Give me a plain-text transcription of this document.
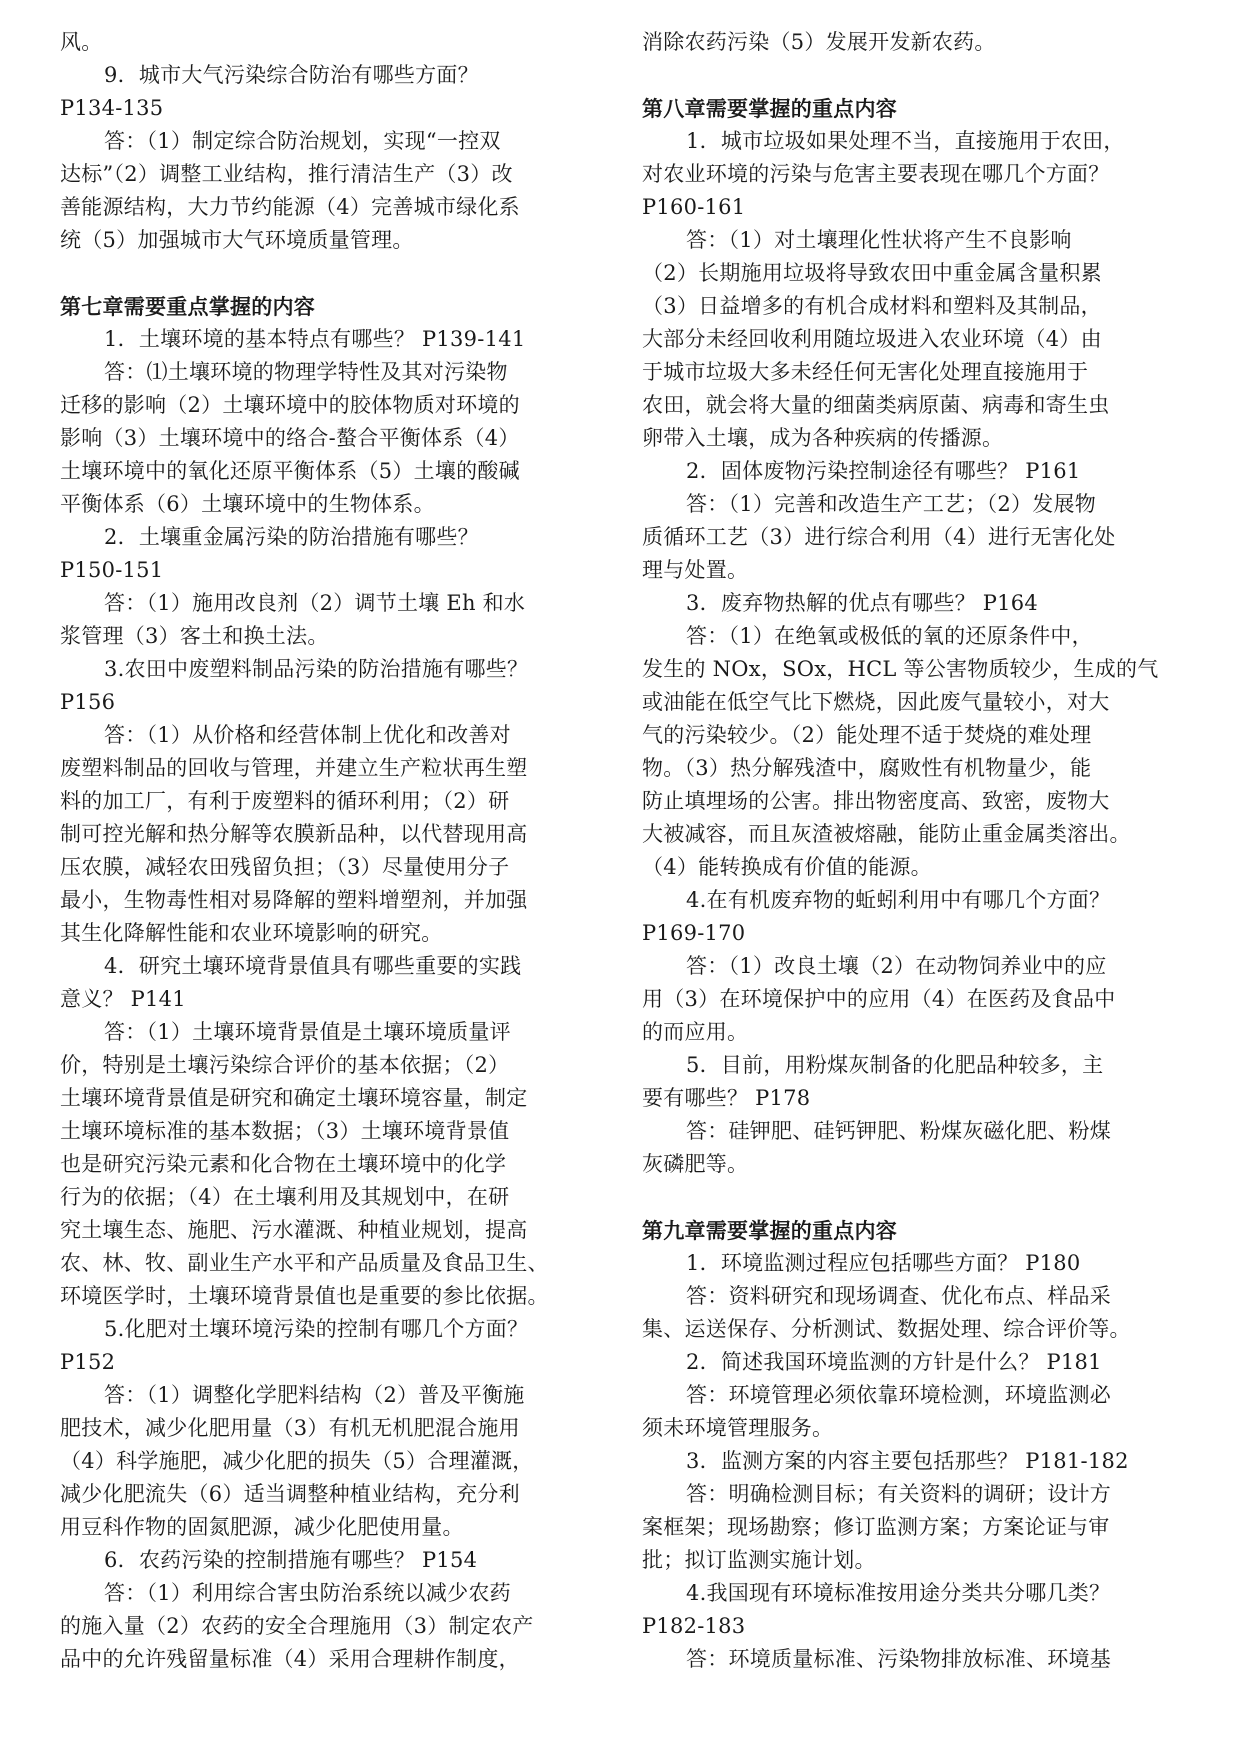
风。
9．城市大气污染综合防治有哪些方面？
P134-135
答：（1）制定综合防治规划，实现“一控双
达标”（2）调整工业结构，推行清洁生产（3）改
善能源结构，大力节约能源（4）完善城市绿化系
统（5）加强城市大气环境质量管理。
第七章需要重点掌握的内容
1．土壤环境的基本特点有哪些？ P139-141
答：⑴土壤环境的物理学特性及其对污染物
迁移的影响（2）土壤环境中的胶体物质对环境的
影响（3）土壤环境中的络合-螯合平衡体系（4）
土壤环境中的氧化还原平衡体系（5）土壤的酸碱
平衡体系（6）土壤环境中的生物体系。
2．土壤重金属污染的防治措施有哪些？
P150-151
答：（1）施用改良剂（2）调节土壤 Eh 和水
浆管理（3）客土和换土法。
3.农田中废塑料制品污染的防治措施有哪些？
P156
答：（1）从价格和经营体制上优化和改善对
废塑料制品的回收与管理，并建立生产粒状再生塑
料的加工厂，有利于废塑料的循环利用；（2）研
制可控光解和热分解等农膜新品种，以代替现用高
压农膜，减轻农田残留负担；（3）尽量使用分子
最小，生物毒性相对易降解的塑料增塑剂，并加强
其生化降解性能和农业环境影响的研究。
4．研究土壤环境背景值具有哪些重要的实践
意义？ P141
答：（1）土壤环境背景值是土壤环境质量评
价，特别是土壤污染综合评价的基本依据；（2）
土壤环境背景值是研究和确定土壤环境容量，制定
土壤环境标准的基本数据；（3）土壤环境背景值
也是研究污染元素和化合物在土壤环境中的化学
行为的依据；（4）在土壤利用及其规划中，在研
究土壤生态、施肥、污水灌溉、种植业规划，提高
农、林、牧、副业生产水平和产品质量及食品卫生、
环境医学时，土壤环境背景值也是重要的参比依据。
5.化肥对土壤环境污染的控制有哪几个方面？
P152
答：（1）调整化学肥料结构（2）普及平衡施
肥技术，减少化肥用量（3）有机无机肥混合施用
（4）科学施肥，减少化肥的损失（5）合理灌溉，
减少化肥流失（6）适当调整种植业结构，充分利
用豆科作物的固氮肥源，减少化肥使用量。
6．农药污染的控制措施有哪些？ P154
答：（1）利用综合害虫防治系统以减少农药
的施入量（2）农药的安全合理施用（3）制定农产
品中的允许残留量标准（4）采用合理耕作制度，
消除农药污染（5）发展开发新农药。
第八章需要掌握的重点内容
1．城市垃圾如果处理不当，直接施用于农田，
对农业环境的污染与危害主要表现在哪几个方面？
P160-161
答：（1）对土壤理化性状将产生不良影响
（2）长期施用垃圾将导致农田中重金属含量积累
（3）日益增多的有机合成材料和塑料及其制品，
大部分未经回收利用随垃圾进入农业环境（4）由
于城市垃圾大多未经任何无害化处理直接施用于
农田，就会将大量的细菌类病原菌、病毒和寄生虫
卵带入土壤，成为各种疾病的传播源。
2．固体废物污染控制途径有哪些？ P161
答：（1）完善和改造生产工艺；（2）发展物
质循环工艺（3）进行综合利用（4）进行无害化处
理与处置。
3．废弃物热解的优点有哪些？ P164
答：（1）在绝氧或极低的氧的还原条件中，
发生的 NOx，SOx，HCL 等公害物质较少，生成的气
或油能在低空气比下燃烧，因此废气量较小，对大
气的污染较少。（2）能处理不适于焚烧的难处理
物。（3）热分解残渣中，腐败性有机物量少，能
防止填埋场的公害。排出物密度高、致密，废物大
大被减容，而且灰渣被熔融，能防止重金属类溶出。
（4）能转换成有价值的能源。
4.在有机废弃物的蚯蚓利用中有哪几个方面？
P169-170
答：（1）改良土壤（2）在动物饲养业中的应
用（3）在环境保护中的应用（4）在医药及食品中
的而应用。
5．目前，用粉煤灰制备的化肥品种较多，主
要有哪些？ P178
答：硅钾肥、硅钙钾肥、粉煤灰磁化肥、粉煤
灰磷肥等。
第九章需要掌握的重点内容
1．环境监测过程应包括哪些方面？ P180
答：资料研究和现场调查、优化布点、样品采
集、运送保存、分析测试、数据处理、综合评价等。
2．简述我国环境监测的方针是什么？ P181
答：环境管理必须依靠环境检测，环境监测必
须未环境管理服务。
3．监测方案的内容主要包括那些？ P181-182
答：明确检测目标；有关资料的调研；设计方
案框架；现场勘察；修订监测方案；方案论证与审
批；拟订监测实施计划。
4.我国现有环境标准按用途分类共分哪几类？
P182-183
答：环境质量标准、污染物排放标准、环境基
